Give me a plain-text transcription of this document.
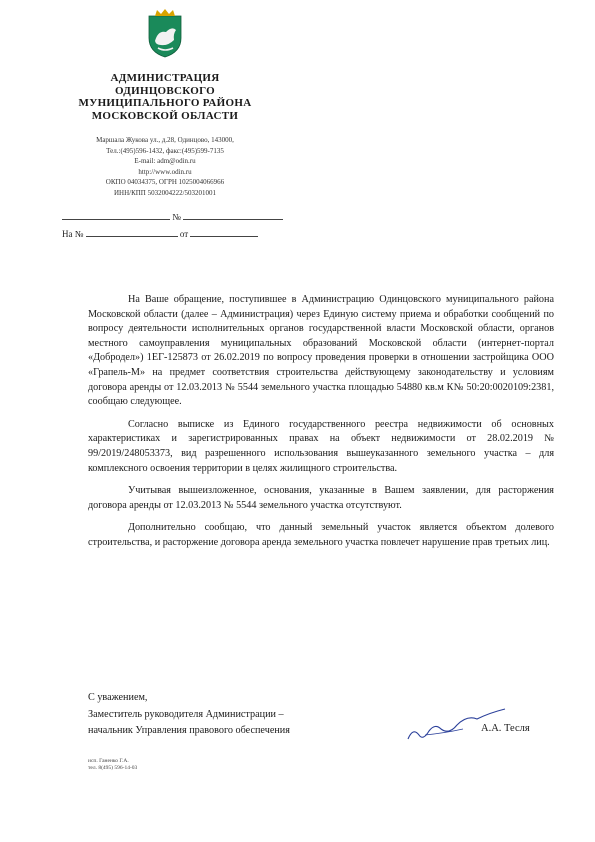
АДМИНИСТРАЦИЯ
ОДИНЦОВСКОГО
МУНИЦИПАЛЬНОГО РАЙОНА
МОСКОВСКОЙ ОБЛАСТИ
Маршала Жукова ул., д.28, Одинцово, 143000,
Тел.:(495)596-1432, факс:(495)599-7135
E-mail: adm@odin.ru
http://www.odin.ru
ОКПО 04034375, ОГРН 1025004066966
ИНН/КПП 5032004222/503201001
№
На №	от

На Ваше обращение, поступившее в Администрацию Одинцовского муниципального района Московской области (далее – Администрация) через Единую систему приема и обработки сообщений по вопросу деятельности исполнительных органов государственной власти Московской области, органов местного самоуправления муниципальных образований Московской области (интернет-портал «Добродел») 1ЕГ-125873 от 26.02.2019 по вопросу проведения проверки в отношении застройщика ООО «Грапель-М» на предмет соответствия строительства действующему законодательству и условиям договора аренды от 12.03.2013 № 5544 земельного участка площадью 54880 кв.м К№ 50:20:0020109:2381, сообщаю следующее.

Согласно выписке из Единого государственного реестра недвижимости об основных характеристиках и зарегистрированных правах на объект недвижимости от 28.02.2019 № 99/2019/248053373, вид разрешенного использования вышеуказанного земельного участка – для комплексного освоения территории в целях жилищного строительства.

Учитывая вышеизложенное, основания, указанные в Вашем заявлении, для расторжения договора аренды от 12.03.2013 № 5544 земельного участка отсутствуют.

Дополнительно сообщаю, что данный земельный участок является объектом долевого строительства, и расторжение договора аренда земельного участка повлечет нарушение прав третьих лиц.

С уважением,
Заместитель руководителя Администрации –
начальник Управления правового обеспечения	А.А. Тесля
исп. Ганенко Г.А.
тел. 8(495) 596-14-03
